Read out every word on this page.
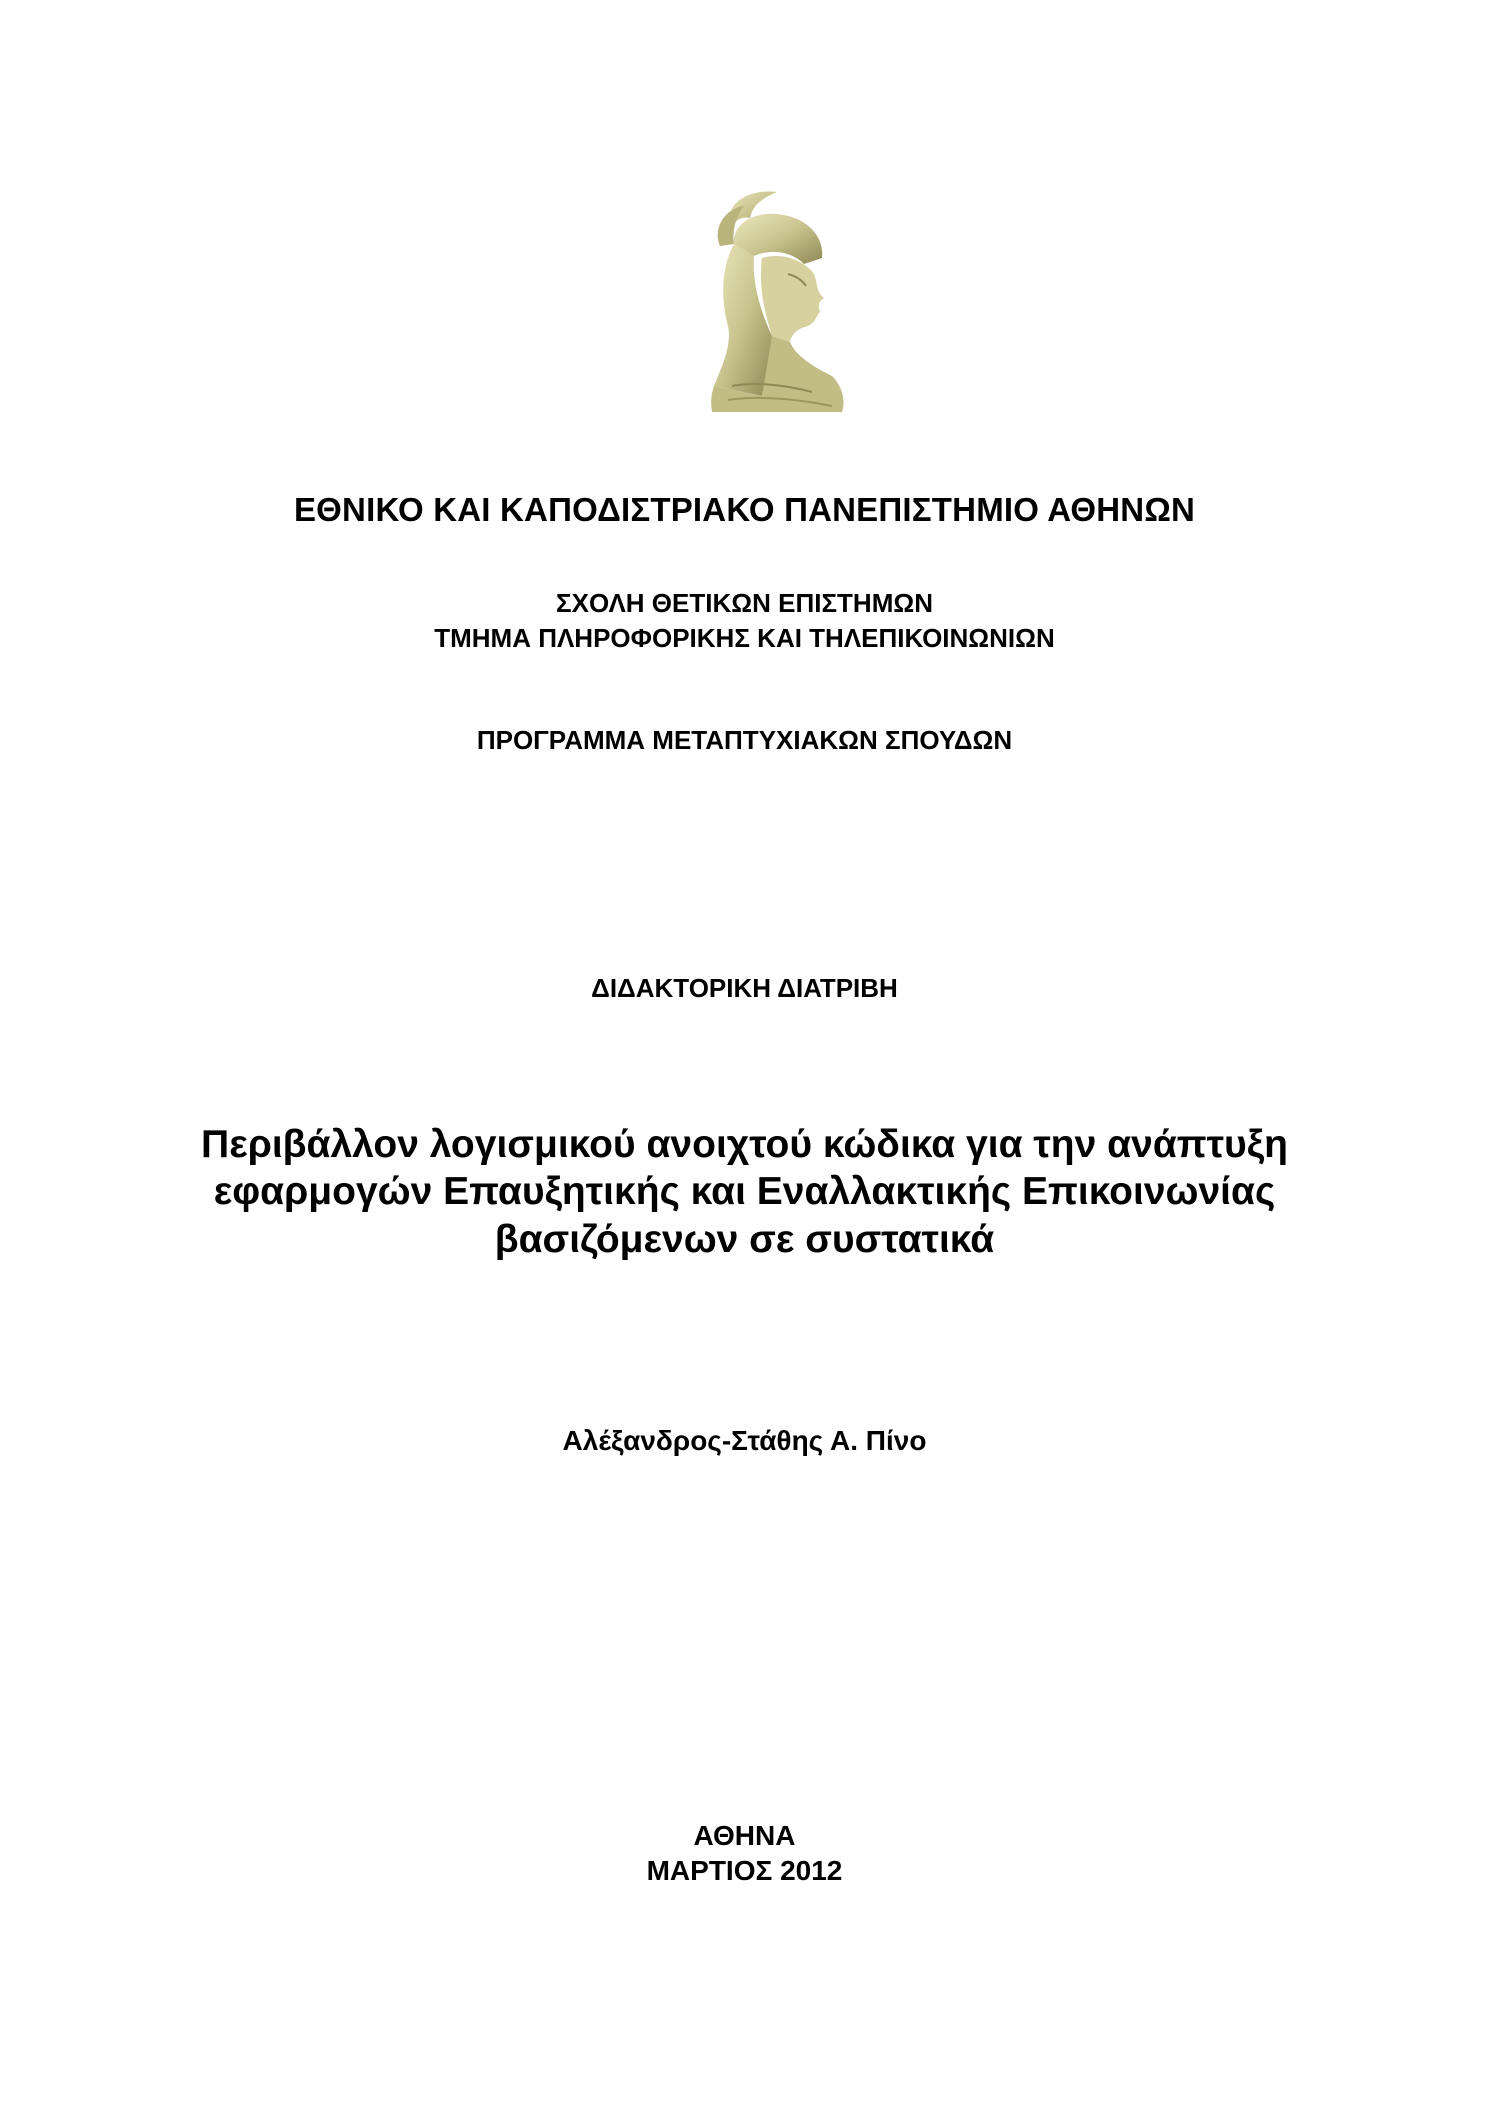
ΕΘΝΙΚΟ ΚΑΙ ΚΑΠΟΔΙΣΤΡΙΑΚΟ ΠΑΝΕΠΙΣΤΗΜΙΟ ΑΘΗΝΩΝ
ΣΧΟΛΗ ΘΕΤΙΚΩΝ ΕΠΙΣΤΗΜΩΝ
ΤΜΗΜΑ ΠΛΗΡΟΦΟΡΙΚΗΣ ΚΑΙ ΤΗΛΕΠΙΚΟΙΝΩΝΙΩΝ
ΠΡΟΓΡΑΜΜΑ ΜΕΤΑΠΤΥΧΙΑΚΩΝ ΣΠΟΥΔΩΝ
ΔΙΔΑΚΤΟΡΙΚΗ ΔΙΑΤΡΙΒΗ
Περιβάλλον λογισμικού ανοιχτού κώδικα για την ανάπτυξη
εφαρμογών Επαυξητικής και Εναλλακτικής Επικοινωνίας
βασιζόμενων σε συστατικά
Αλέξανδρος-Στάθης Α. Πίνο
ΑΘΗΝΑ
ΜΑΡΤΙΟΣ 2012
